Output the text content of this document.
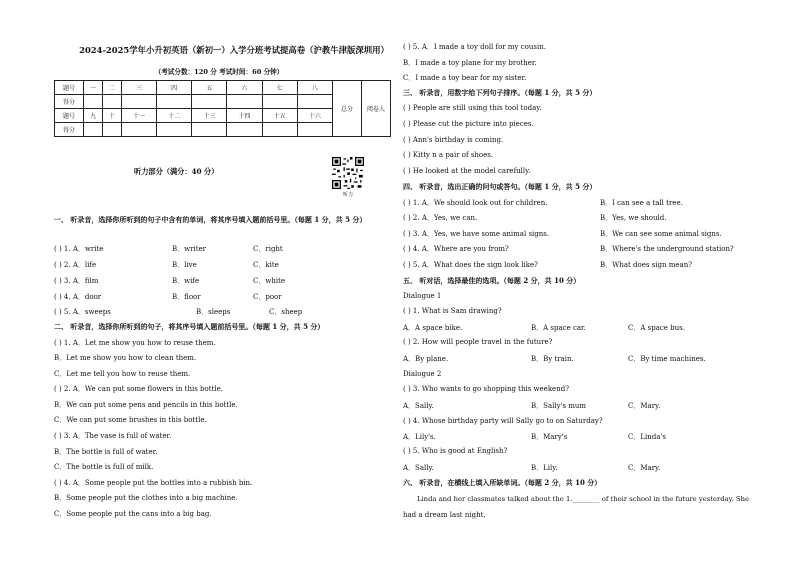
2024-2025学年小升初英语（新初一）入学分班考试提高卷（沪教牛津版深圳用）
（考试分数：120 分 考试时间：60 分钟）
题号	一	二	三	四	五	六	七	八	总分	阅卷人
得分										
题号	九	十	十一	十二	十三	十四	十五	十六		
得分										
听力部分（满分：40 分）
听力
一、 听录音，选择你所听到的句子中含有的单词，将其序号填入题前括号里。（每题 1 分，共 5 分）
( ) 1. A．write	B．writer	C．right
( ) 2. A．life	B．live	C．kite
( ) 3. A．film	B．wife	C．white
( ) 4. A．door	B．floor	C．poor
( ) 5. A．sweeps	B．sleeps	C．sheep
二、 听录音，选择你所听到的句子，将其序号填入题前括号里。（每题 1 分，共 5 分）
( ) 1. A．Let me show you how to reuse them.
B．Let me show you how to clean them.
C．Let me tell you how to reuse them.
( ) 2. A．We can put some flowers in this bottle.
B．We can put some pens and pencils in this bottle.
C．We can put some brushes in this bottle.
( ) 3. A．The vase is full of water.
B．The bottle is full of water.
C．The bottle is full of milk.
( ) 4. A．Some people put the bottles into a rubbish bin.
B．Some people put the clothes into a big machine.
C．Some people put the cans into a big bag.
( ) 5. A．I made a toy doll for my cousin.
B．I made a toy plane for my brother.
C．I made a toy bear for my sister.
三、 听录音，用数字给下列句子排序。（每题 1 分，共 5 分）
( ) People are still using this tool today.
( ) Please cut the picture into pieces.
( ) Ann's birthday is coming.
( ) Kitty n a pair of shoes.
( ) He looked at the model carefully.
四、 听录音，选出正确的问句或答句。（每题 1 分，共 5 分）
( ) 1. A．We should look out for children.	B．I can see a tall tree.
( ) 2. A．Yes, we can.	B．Yes, we should.
( ) 3. A．Yes, we have some animal signs.	B．We can see some animal signs.
( ) 4. A．Where are you from?	B．Where's the underground station?
( ) 5. A．What does the sign look like?	B．What does sign mean?
五、 听对话，选择最佳的选项。（每题 2 分，共 10 分）
Dialogue 1
( ) 1. What is Sam drawing?
A．A space bike.	B．A space car.	C．A space bus.
( ) 2. How will people travel in the future?
A．By plane.	B．By train.	C．By time machines.
Dialogue 2
( ) 3. Who wants to go shopping this weekend?
A．Sally.	B．Sally's mum	C．Mary.
( ) 4. Whose birthday party will Sally go to on Saturday?
A．Lily's.	B．Mary's	C．Linda's
( ) 5. Who is good at English?
A．Sally.	B．Lily.	C．Mary.
六、 听录音，在横线上填入所缺单词。（每题 2 分，共 10 分）
Linda and her classmates talked about the 1.________ of their school in the future yesterday. She
had a dream last night.
